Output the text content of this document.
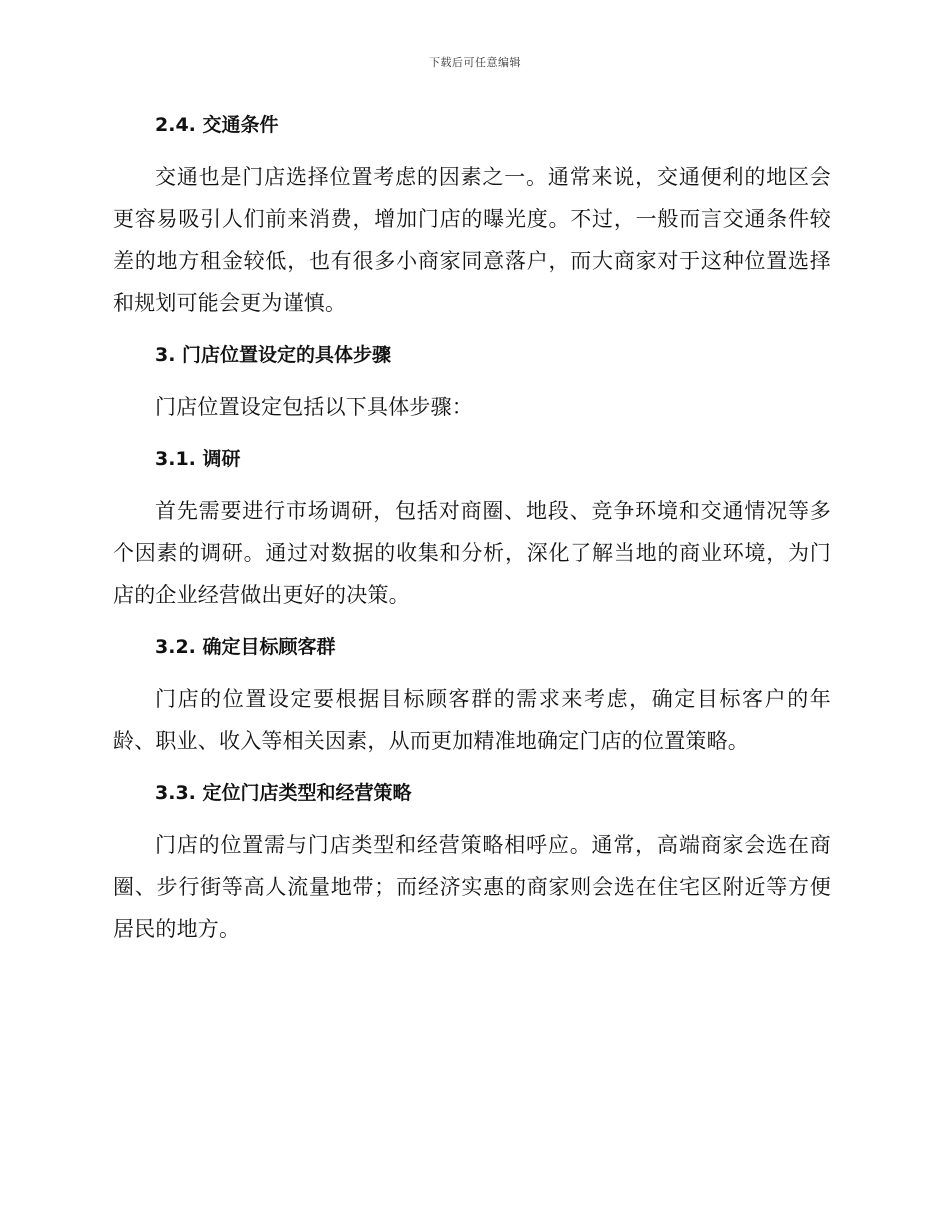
下载后可任意编辑
2.4. 交通条件

交通也是门店选择位置考虑的因素之一。通常来说，交通便利的地区会更容易吸引人们前来消费，增加门店的曝光度。不过，一般而言交通条件较差的地方租金较低，也有很多小商家同意落户，而大商家对于这种位置选择和规划可能会更为谨慎。

3. 门店位置设定的具体步骤

门店位置设定包括以下具体步骤：

3.1. 调研

首先需要进行市场调研，包括对商圈、地段、竞争环境和交通情况等多个因素的调研。通过对数据的收集和分析，深化了解当地的商业环境，为门店的企业经营做出更好的决策。

3.2. 确定目标顾客群

门店的位置设定要根据目标顾客群的需求来考虑，确定目标客户的年龄、职业、收入等相关因素，从而更加精准地确定门店的位置策略。

3.3. 定位门店类型和经营策略

门店的位置需与门店类型和经营策略相呼应。通常，高端商家会选在商圈、步行街等高人流量地带；而经济实惠的商家则会选在住宅区附近等方便居民的地方。
